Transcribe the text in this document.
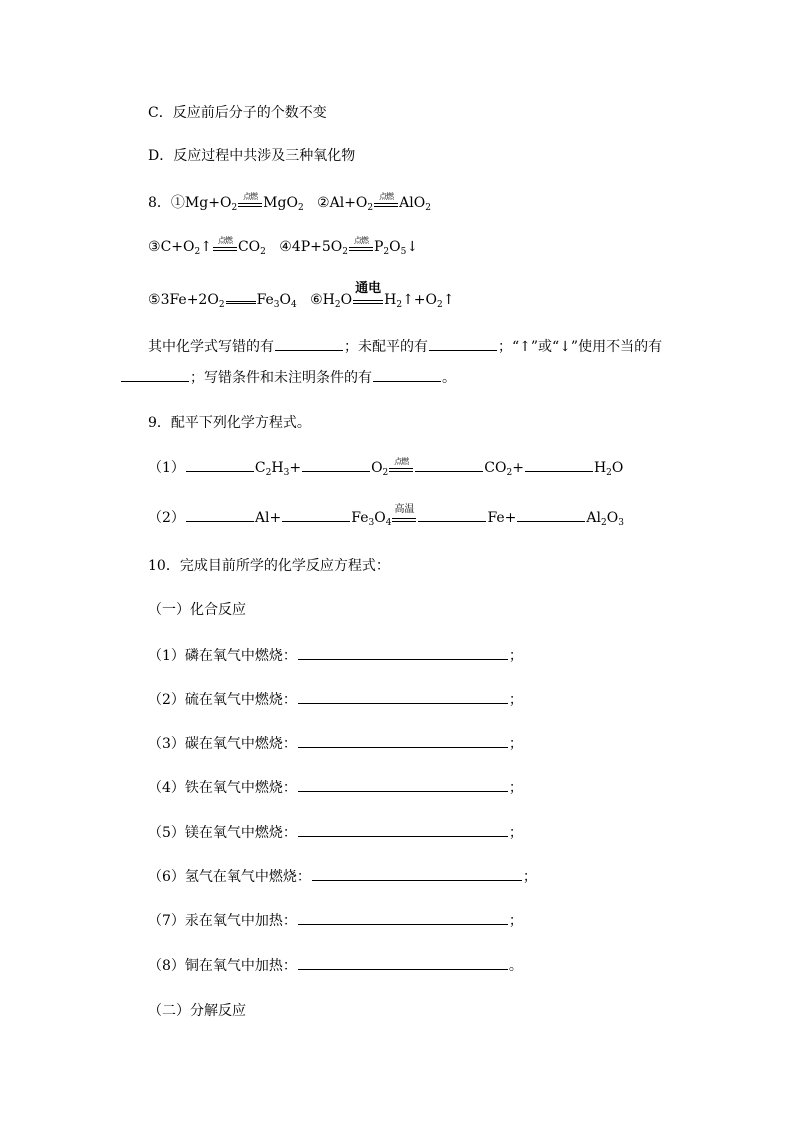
C．反应前后分子的个数不变
D．反应过程中共涉及三种氧化物
8．$①Mg+O_2$
点燃 MgO$_2$ $②Al+O_2$
点燃 AlO$_2$
$③C+O_2↑$ 点燃 $CO_2$ $④4P+5O_2$
点燃 $P_2O_5↓$
$⑤3Fe+2O_2$ $Fe_3O_4$ $⑥H_2O$
通电
$H_2↑+O_2↑$
其中化学式写错的有	；未配平的有	；“↑”或“↓”使用不当的有
；写错条件和未注明条件的有	。
9．配平下列化学方程式。
（1）	$C_2H_3+$	$O_2$
点燃	$CO_2+$	$H_2O$
（2）	Al+	$Fe_3O_4$
高温
Fe+	$Al_2O_3$
10．完成目前所学的化学反应方程式：
（一）化合反应
（1）磷在氧气中燃烧：	；
（2）硫在氧气中燃烧：	；
（3）碳在氧气中燃烧：	；
（4）铁在氧气中燃烧：	；
（5）镁在氧气中燃烧：	；
（6）氢气在氧气中燃烧：	；
（7）汞在氧气中加热：	；
（8）铜在氧气中加热：	。
（二）分解反应
